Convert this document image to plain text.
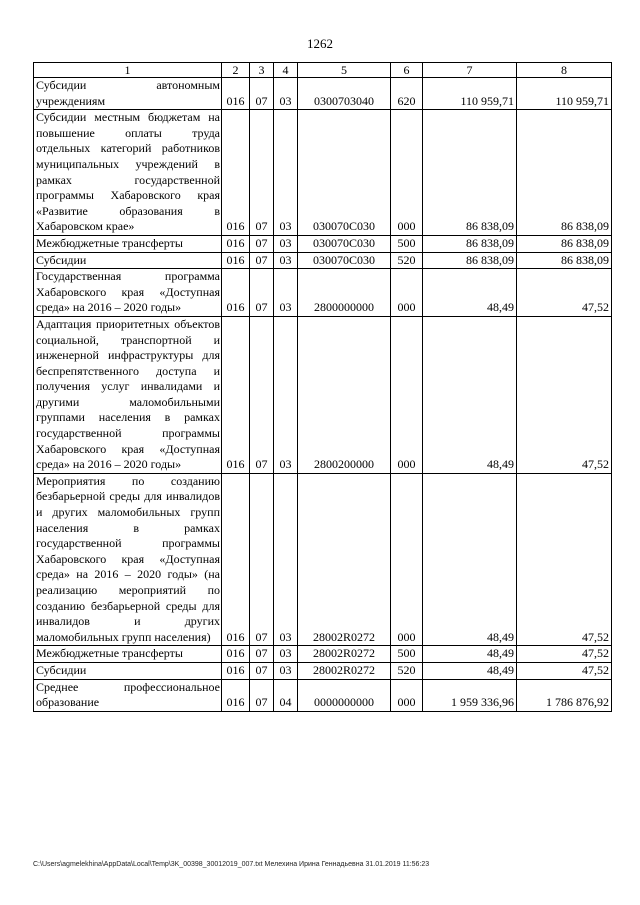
1262
1	2	3	4	5	6	7	8
Субсидии автономным учреждениям	016	07	03	0300703040	620	110 959,71	110 959,71
Субсидии местным бюджетам на повышение оплаты труда отдельных категорий работников муниципальных учреждений в рамках государственной программы Хабаровского края «Развитие образования в Хабаровском крае»	016	07	03	030070С030	000	86 838,09	86 838,09
Межбюджетные трансферты	016	07	03	030070С030	500	86 838,09	86 838,09
Субсидии	016	07	03	030070С030	520	86 838,09	86 838,09
Государственная программа Хабаровского края «Доступная среда» на 2016 – 2020 годы»	016	07	03	2800000000	000	48,49	47,52
Адаптация приоритетных объектов социальной, транспортной и инженерной инфраструктуры для беспрепятственного доступа и получения услуг инвалидами и другими маломобильными группами населения в рамках государственной программы Хабаровского края «Доступная среда» на 2016 – 2020 годы»	016	07	03	2800200000	000	48,49	47,52
Мероприятия по созданию безбарьерной среды для инвалидов и других маломобильных групп населения в рамках государственной программы Хабаровского края «Доступная среда» на 2016 – 2020 годы» (на реализацию мероприятий по созданию безбарьерной среды для инвалидов и других маломобильных групп населения)	016	07	03	28002R0272	000	48,49	47,52
Межбюджетные трансферты	016	07	03	28002R0272	500	48,49	47,52
Субсидии	016	07	03	28002R0272	520	48,49	47,52
Среднее профессиональное образование	016	07	04	0000000000	000	1 959 336,96	1 786 876,92
C:\Users\agmelekhina\AppData\Local\Temp\3K_00398_30012019_007.txt Мелехина Ирина Геннадьевна 31.01.2019 11:56:23
